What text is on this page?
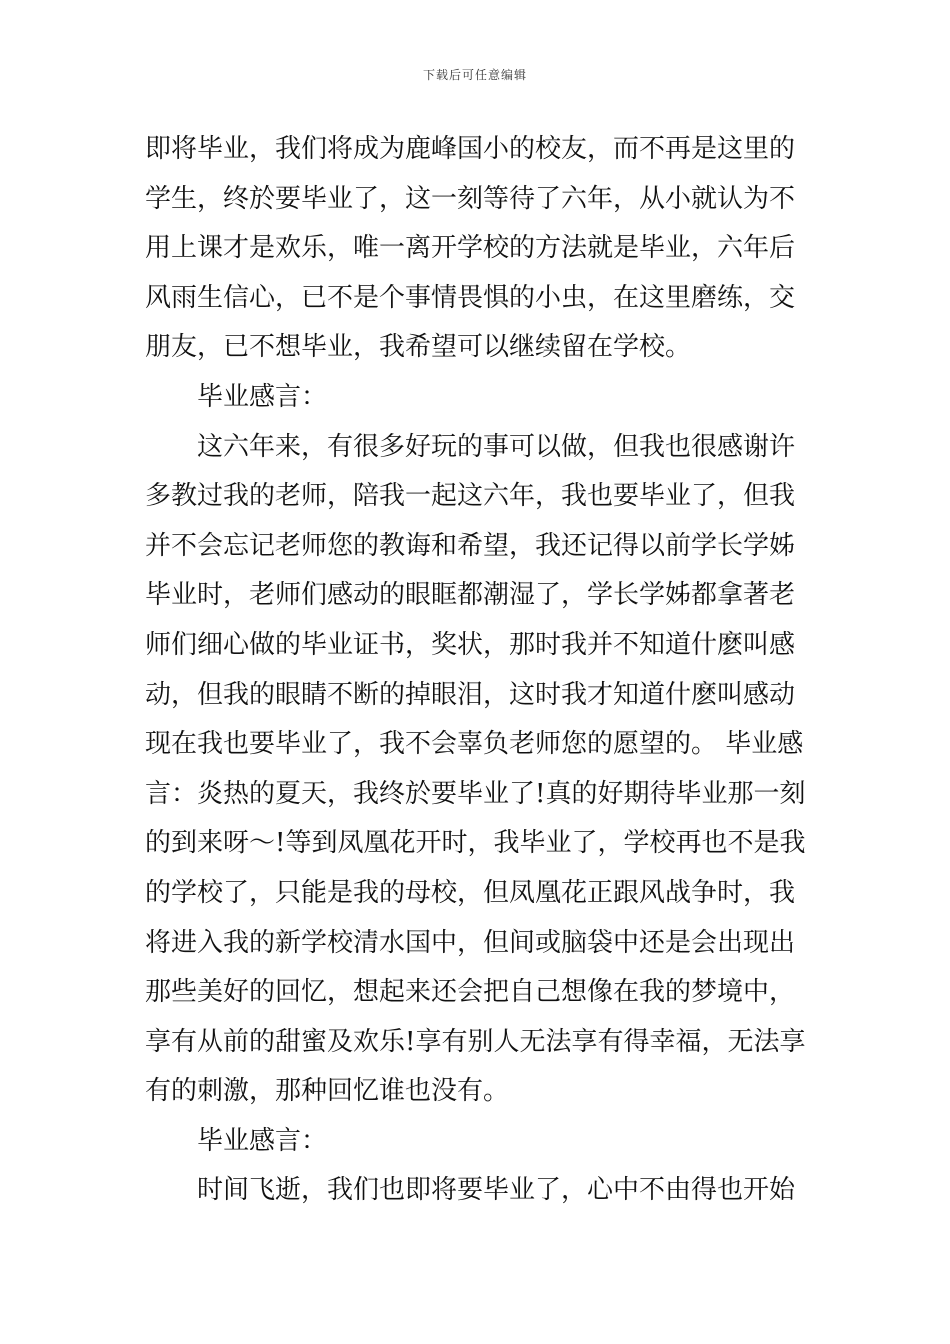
下载后可任意编辑
即将毕业，我们将成为鹿峰国小的校友，而不再是这里的
学生，终於要毕业了，这一刻等待了六年，从小就认为不
用上课才是欢乐，唯一离开学校的方法就是毕业，六年后
风雨生信心，已不是个事情畏惧的小虫，在这里磨练，交
朋友，已不想毕业，我希望可以继续留在学校。
毕业感言：
这六年来，有很多好玩的事可以做，但我也很感谢许
多教过我的老师，陪我一起这六年，我也要毕业了，但我
并不会忘记老师您的教诲和希望，我还记得以前学长学姊
毕业时，老师们感动的眼眶都潮湿了，学长学姊都拿著老
师们细心做的毕业证书，奖状，那时我并不知道什麽叫感
动，但我的眼睛不断的掉眼泪，这时我才知道什麽叫感动
现在我也要毕业了，我不会辜负老师您的愿望的。 毕业感
言：炎热的夏天，我终於要毕业了!真的好期待毕业那一刻
的到来呀～!等到凤凰花开时，我毕业了，学校再也不是我
的学校了，只能是我的母校，但凤凰花正跟风战争时，我
将进入我的新学校清水国中，但间或脑袋中还是会出现出
那些美好的回忆，想起来还会把自己想像在我的梦境中，
享有从前的甜蜜及欢乐!享有别人无法享有得幸福，无法享
有的刺激，那种回忆谁也没有。
毕业感言：
时间飞逝，我们也即将要毕业了，心中不由得也开始
